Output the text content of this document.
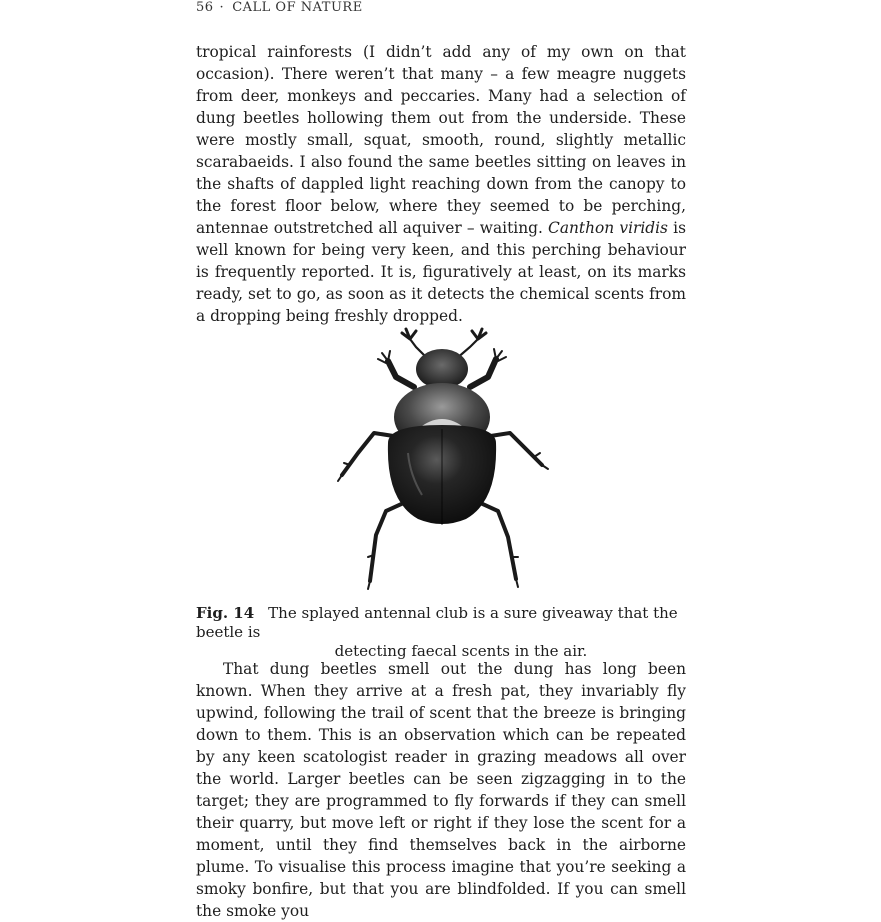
56 · CALL OF NATURE

tropical rainforests (I didn’t add any of my own on that occasion). There weren’t that many – a few meagre nuggets from deer, monkeys and peccaries. Many had a selection of dung beetles hollowing them out from the underside. These were mostly small, squat, smooth, round, slightly metallic scarabaeids. I also found the same beetles sitting on leaves in the shafts of dappled light reaching down from the canopy to the forest floor below, where they seemed to be perching, antennae outstretched all aquiver – waiting. Canthon viridis is well known for being very keen, and this perching behaviour is frequently reported. It is, figuratively at least, on its marks ready, set to go, as soon as it detects the chemical scents from a dropping being freshly dropped.

Fig. 14 The splayed antennal club is a sure giveaway that the beetle is
detecting faecal scents in the air.

That dung beetles smell out the dung has long been known. When they arrive at a fresh pat, they invariably fly upwind, following the trail of scent that the breeze is bringing down to them. This is an observation which can be repeated by any keen scatologist reader in grazing meadows all over the world. Larger beetles can be seen zigzagging in to the target; they are programmed to fly forwards if they can smell their quarry, but move left or right if they lose the scent for a moment, until they find themselves back in the airborne plume. To visualise this process imagine that you’re seeking a smoky bonfire, but that you are blindfolded. If you can smell the smoke you
